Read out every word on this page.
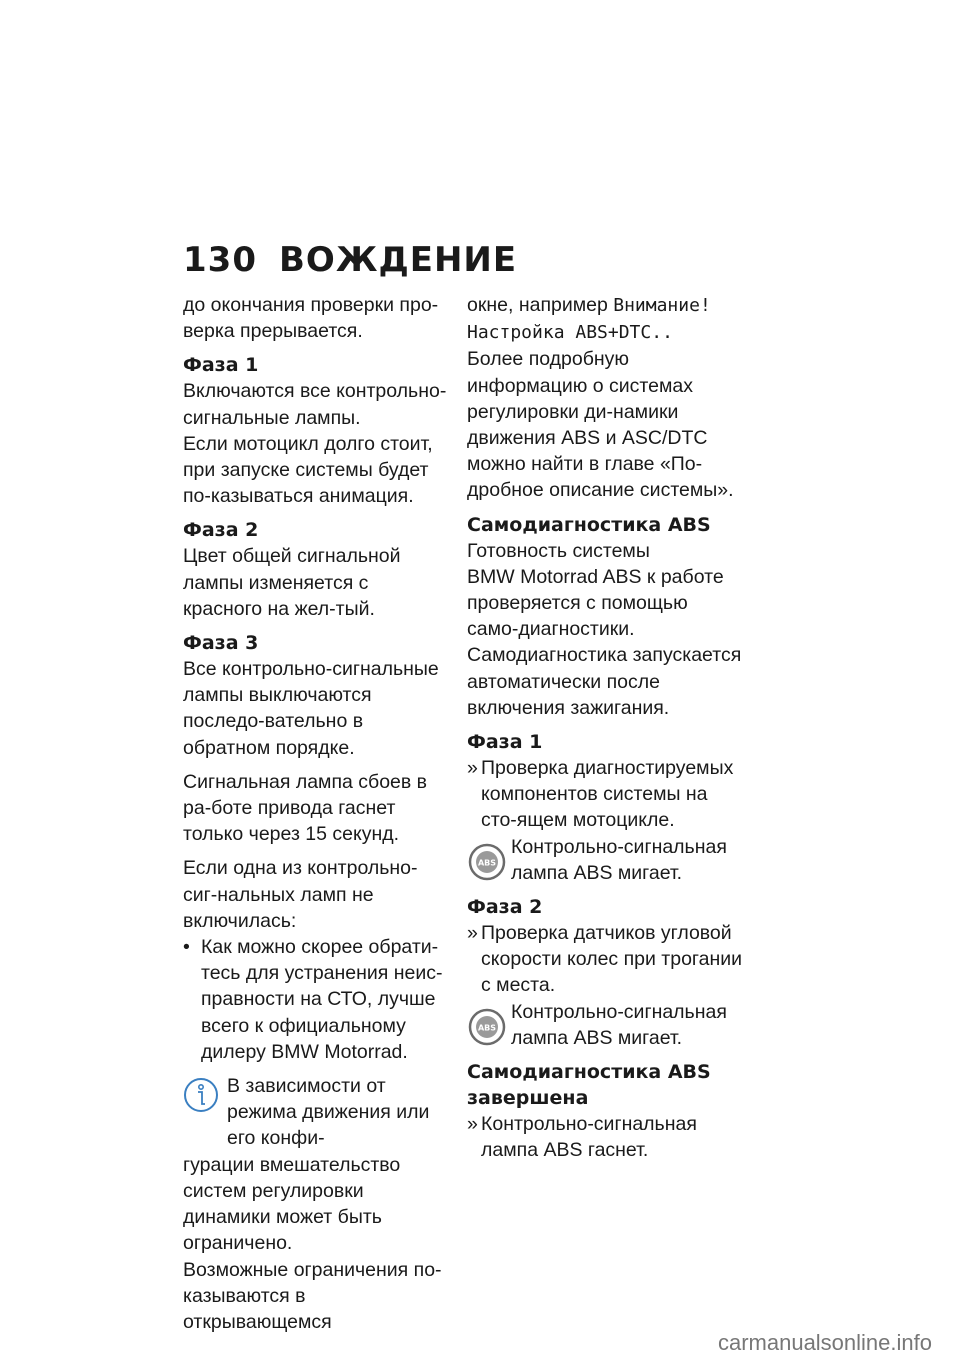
130 ВОЖДЕНИЕ

до окончания проверки про-верка прерывается.

Фаза 1

Включаются все контрольно-сигнальные лампы.

Если мотоцикл долго стоит, при запуске системы будет по-казываться анимация.

Фаза 2

Цвет общей сигнальной лампы изменяется с красного на жел-тый.

Фаза 3

Все контрольно-сигнальные лампы выключаются последо-вательно в обратном порядке.

Сигнальная лампа сбоев в ра-боте привода гаснет только через 15 секунд.

Если одна из контрольно-сиг-нальных ламп не включилась:

• Как можно скорее обрати-тесь для устранения неис-правности на СТО, лучше всего к официальному дилеру BMW Motorrad.
В зависимости от режима движения или его конфи-
гурации вмешательство систем регулировки динамики может быть ограничено.
Возможные ограничения по-казываются в открывающемся

окне, например Внимание! Настройка ABS+DTC..

Более подробную информацию о системах регулировки ди-намики движения ABS и ASC/DTC можно найти в главе «По-дробное описание системы».

Самодиагностика ABS

Готовность системы

BMW Motorrad ABS к работе проверяется с помощью само-диагностики. Самодиагностика запускается автоматически после включения зажигания.

Фаза 1
» Проверка диагностируемых компонентов системы на сто-ящем мотоцикле.
ABS
Контрольно-сигнальная лампа ABS мигает.
Фаза 2
» Проверка датчиков угловой скорости колес при трогании с места.
ABS
Контрольно-сигнальная лампа ABS мигает.
Самодиагностика ABS завершена
» Контрольно-сигнальная лампа ABS гаснет.
carmanualsonline.info
